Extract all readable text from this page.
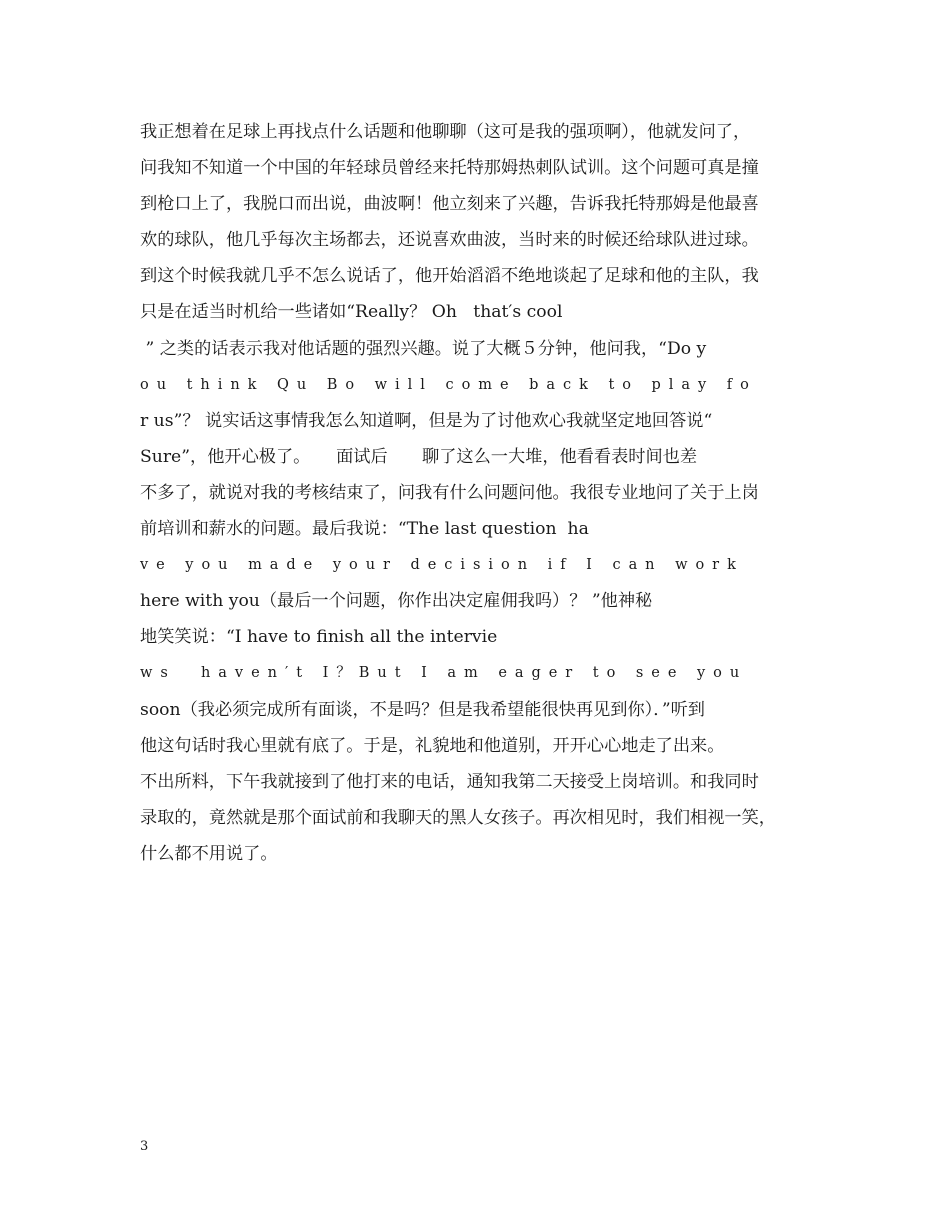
我正想着在足球上再找点什么话题和他聊聊（这可是我的强项啊），他就发问了，
问我知不知道一个中国的年轻球员曾经来托特那姆热刺队试训。这个问题可真是撞
到枪口上了，我脱口而出说，曲波啊！他立刻来了兴趣，告诉我托特那姆是他最喜
欢的球队，他几乎每次主场都去，还说喜欢曲波，当时来的时候还给球队进过球。
到这个时候我就几乎不怎么说话了，他开始滔滔不绝地谈起了足球和他的主队，我
只是在适当时机给一些诸如“Really？ Oh   that′s cool
” 之类的话表示我对他话题的强烈兴趣。说了大概５分钟，他问我，“Do y
ou think Qu Bo will come back to play fo
r us”？ 说实话这事情我怎么知道啊，但是为了讨他欢心我就坚定地回答说“
Sure”，他开心极了。　　面试后　　聊了这么一大堆，他看看表时间也差
不多了，就说对我的考核结束了，问我有什么问题问他。我很专业地问了关于上岗
前培训和薪水的问题。最后我说：“The last question  ha
ve you made your decision if I can work
here with you（最后一个问题，你作出决定雇佣我吗）？ ”他神秘
地笑笑说：“I have to finish all the intervie
ws  haven′t I？But I am eager to see you
soon（我必须完成所有面谈，不是吗？但是我希望能很快再见到你）．”听到
他这句话时我心里就有底了。于是，礼貌地和他道别，开开心心地走了出来。
不出所料，下午我就接到了他打来的电话，通知我第二天接受上岗培训。和我同时
录取的，竟然就是那个面试前和我聊天的黑人女孩子。再次相见时，我们相视一笑，
什么都不用说了。
3
